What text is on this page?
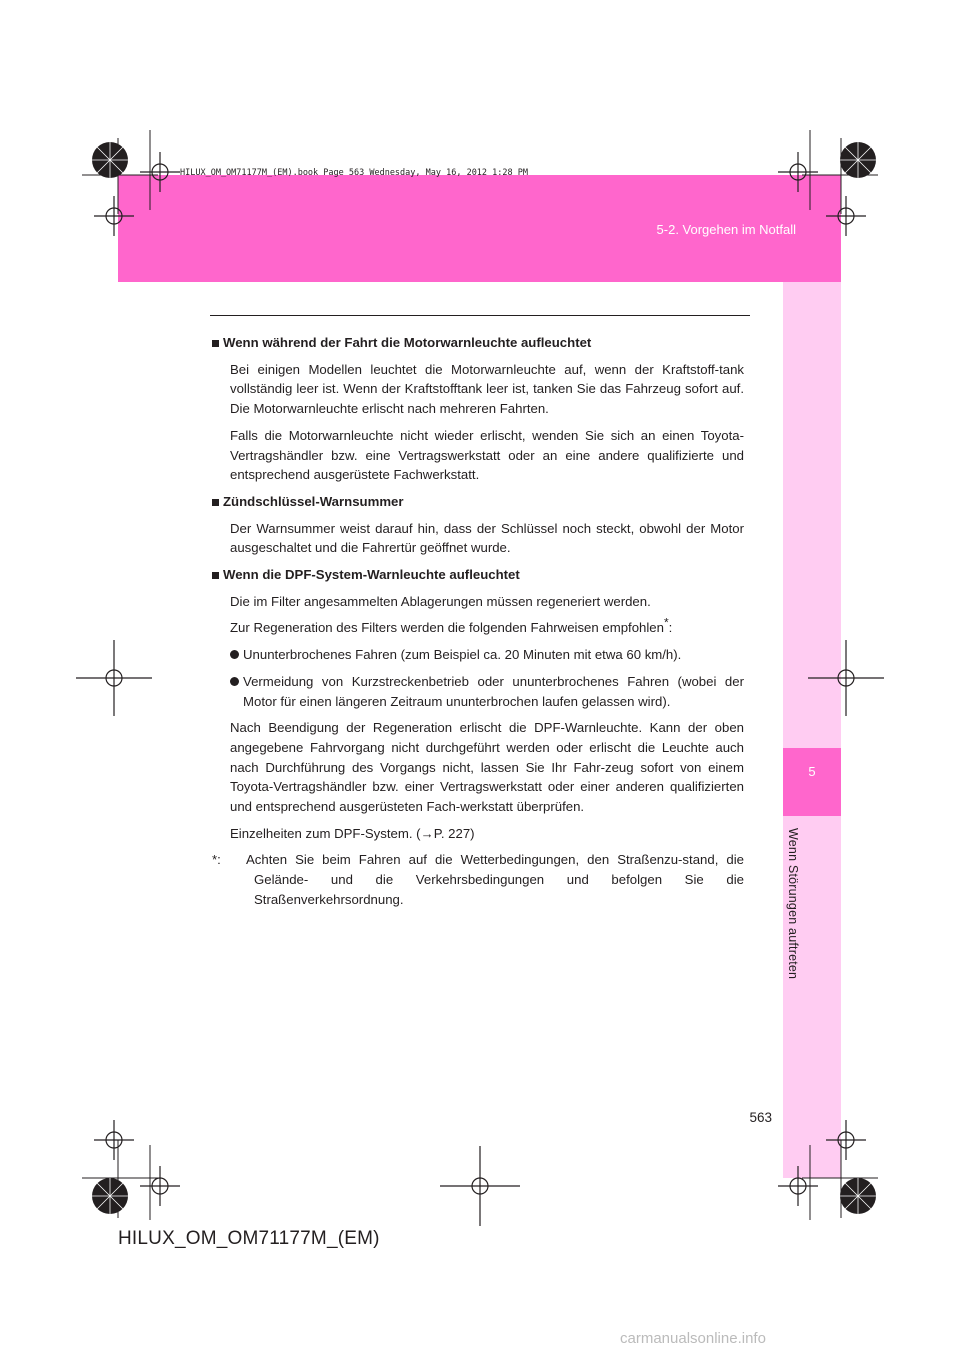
5
Wenn Störungen auftreten
HILUX_OM_OM71177M_(EM).book Page 563 Wednesday, May 16, 2012 1:28 PM
5-2. Vorgehen im Notfall
Wenn während der Fahrt die Motorwarnleuchte aufleuchtet
Bei einigen Modellen leuchtet die Motorwarnleuchte auf, wenn der Kraftstoff-tank vollständig leer ist. Wenn der Kraftstofftank leer ist, tanken Sie das Fahrzeug sofort auf. Die Motorwarnleuchte erlischt nach mehreren Fahrten.
Falls die Motorwarnleuchte nicht wieder erlischt, wenden Sie sich an einen Toyota-Vertragshändler bzw. eine Vertragswerkstatt oder an eine andere qualifizierte und entsprechend ausgerüstete Fachwerkstatt.
Zündschlüssel-Warnsummer
Der Warnsummer weist darauf hin, dass der Schlüssel noch steckt, obwohl der Motor ausgeschaltet und die Fahrertür geöffnet wurde.
Wenn die DPF-System-Warnleuchte aufleuchtet
Die im Filter angesammelten Ablagerungen müssen regeneriert werden.
Zur Regeneration des Filters werden die folgenden Fahrweisen empfohlen*:
Ununterbrochenes Fahren (zum Beispiel ca. 20 Minuten mit etwa 60 km/h).
Vermeidung von Kurzstreckenbetrieb oder ununterbrochenes Fahren (wobei der Motor für einen längeren Zeitraum ununterbrochen laufen gelassen wird).
Nach Beendigung der Regeneration erlischt die DPF-Warnleuchte. Kann der oben angegebene Fahrvorgang nicht durchgeführt werden oder erlischt die Leuchte auch nach Durchführung des Vorgangs nicht, lassen Sie Ihr Fahr-zeug sofort von einem Toyota-Vertragshändler bzw. einer Vertragswerkstatt oder einer anderen qualifizierten und entsprechend ausgerüsteten Fach-werkstatt überprüfen.
Einzelheiten zum DPF-System. (→P. 227)
*:	Achten Sie beim Fahren auf die Wetterbedingungen, den Straßenzu-stand, die Gelände- und die Verkehrsbedingungen und befolgen Sie die Straßenverkehrsordnung.
563
HILUX_OM_OM71177M_(EM)
carmanualsonline.info
